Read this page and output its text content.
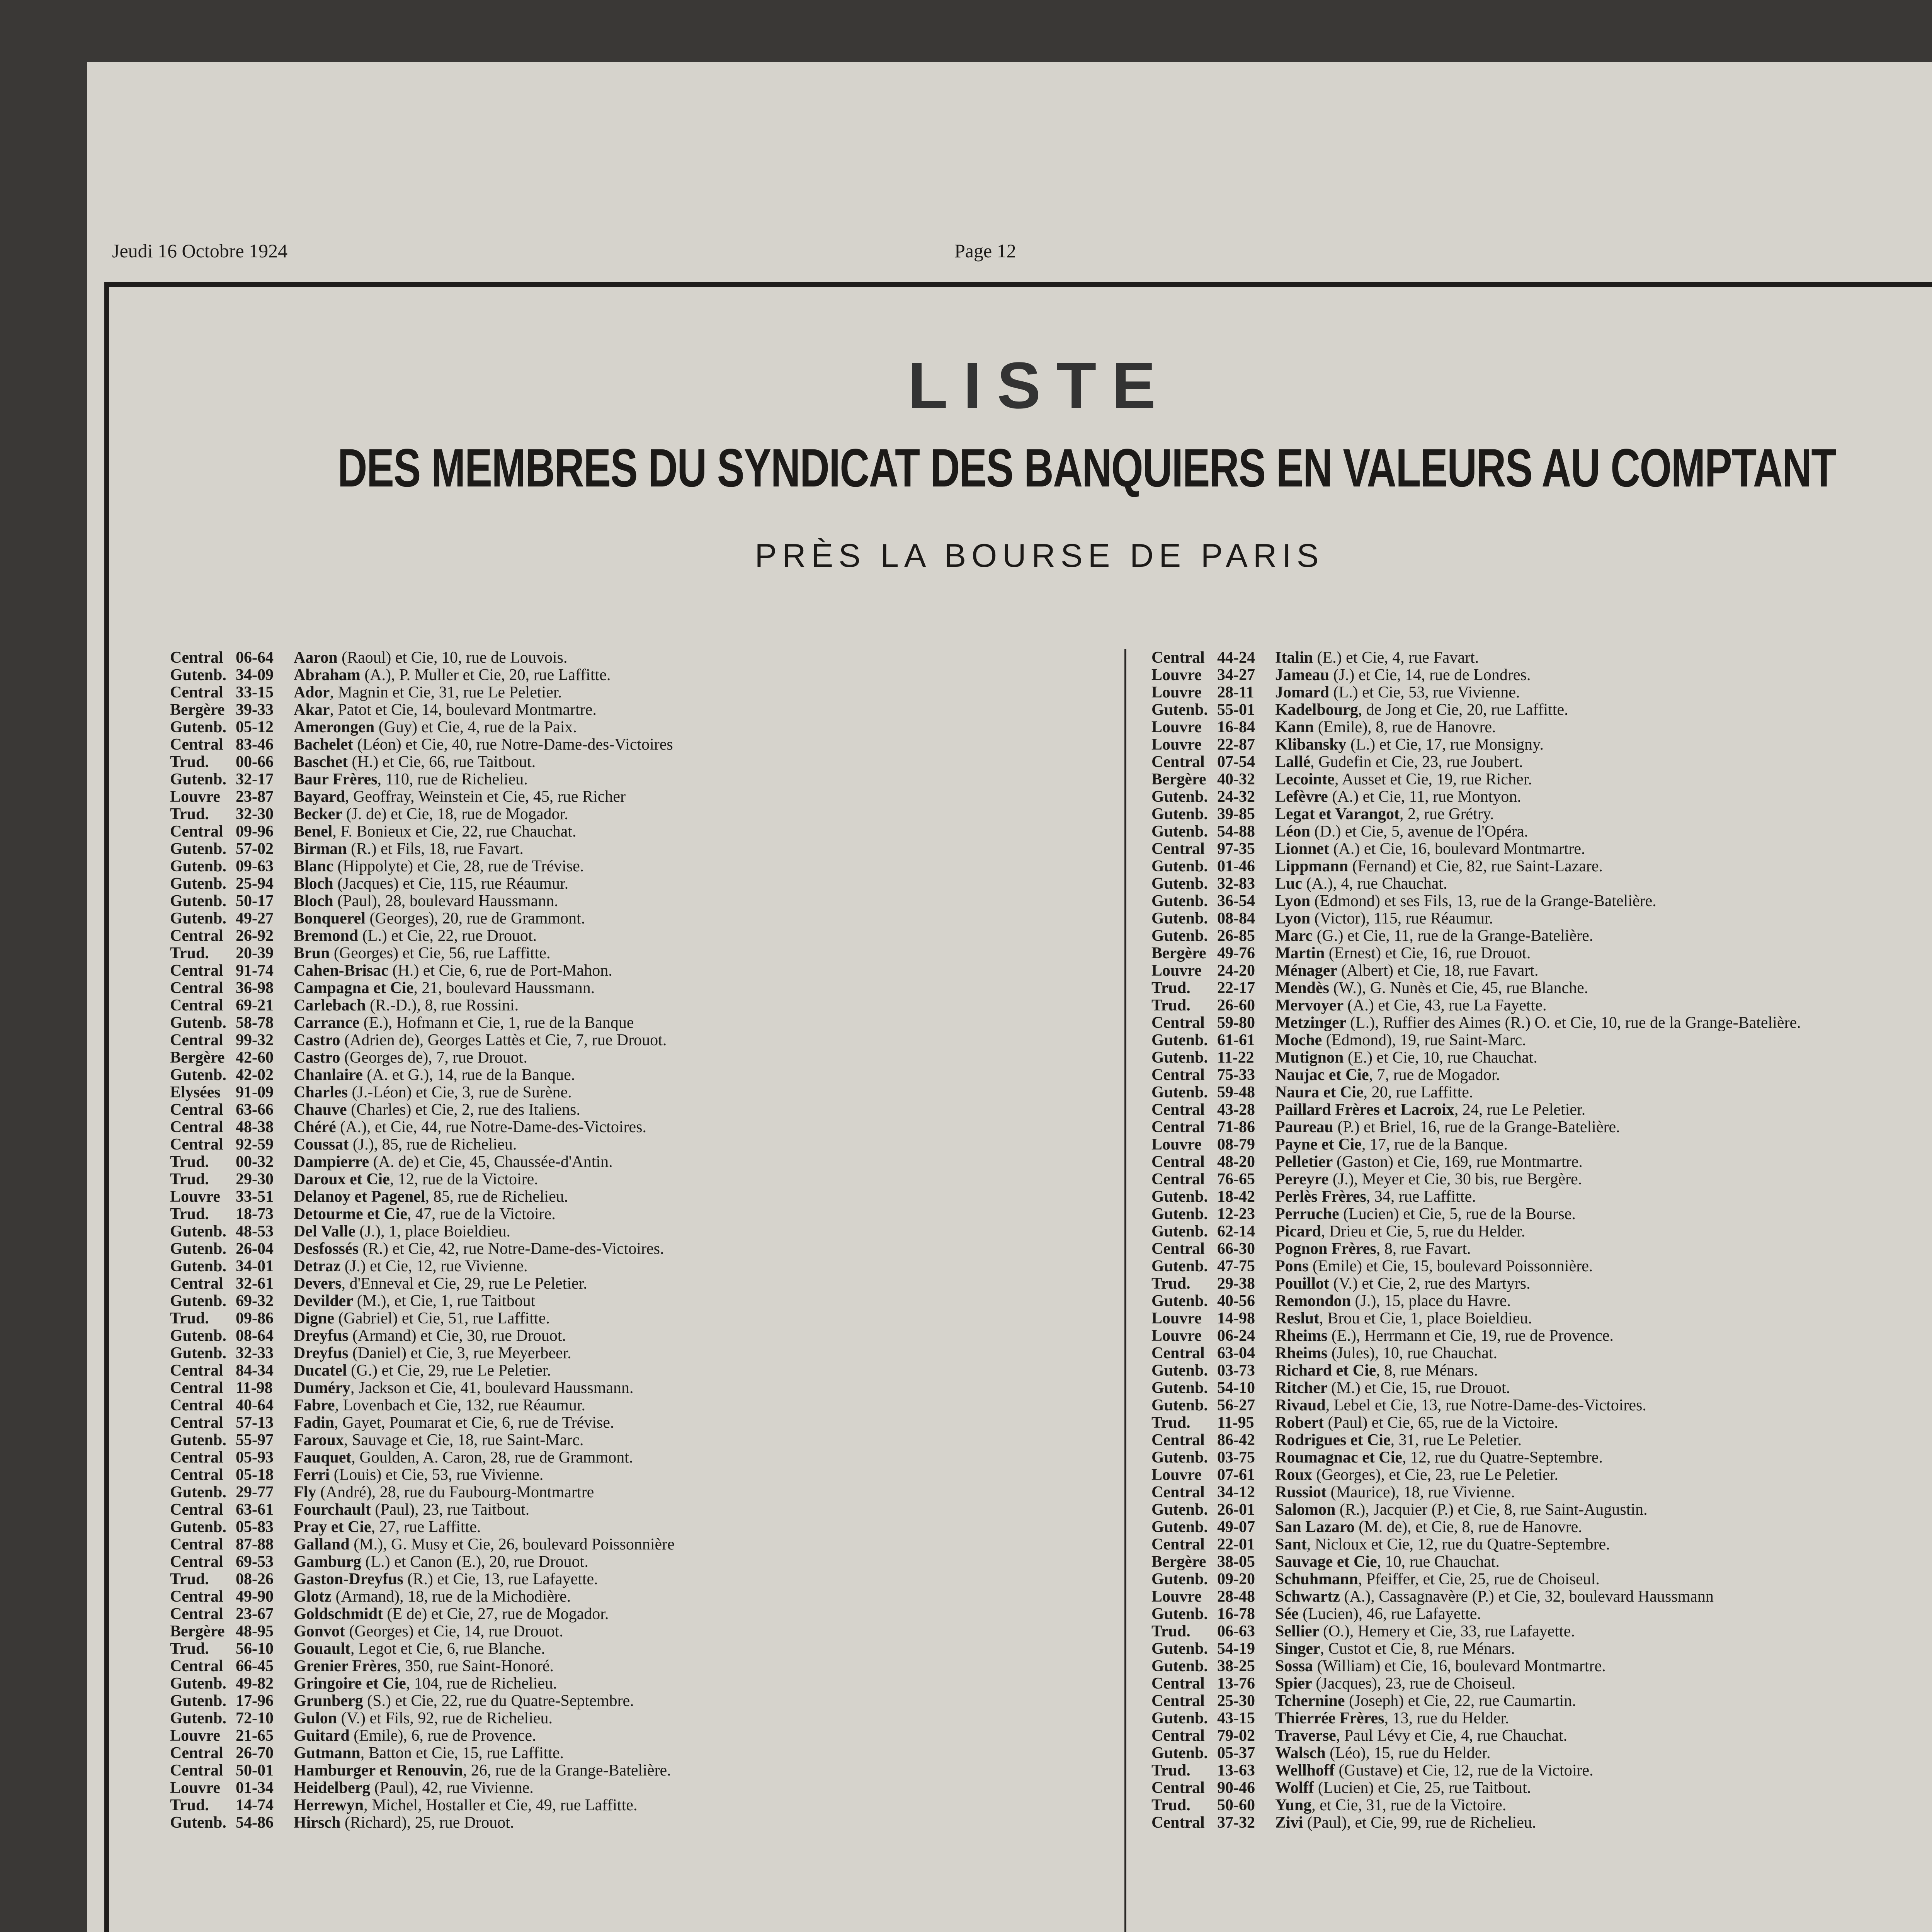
Jeudi 16 Octobre 1924	Page 12
LISTE
DES MEMBRES DU SYNDICAT DES BANQUIERS EN VALEURS AU COMPTANT
PRÈS LA BOURSE DE PARIS
Central 06-64	Aaron (Raoul) et Cie, 10, rue de Louvois.
Gutenb. 34-09	Abraham (A.), P. Muller et Cie, 20, rue Laffitte.
Central 33-15	Ador, Magnin et Cie, 31, rue Le Peletier.
Bergère 39-33	Akar, Patot et Cie, 14, boulevard Montmartre.
Gutenb. 05-12	Amerongen (Guy) et Cie, 4, rue de la Paix.
Central 83-46	Bachelet (Léon) et Cie, 40, rue Notre-Dame-des-Victoires
Trud.	00-66	Baschet (H.) et Cie, 66, rue Taitbout.
Gutenb. 32-17	Baur Frères, 110, rue de Richelieu.
Louvre 23-87	Bayard, Geoffray, Weinstein et Cie, 45, rue Richer
Trud.	32-30	Becker (J. de) et Cie, 18, rue de Mogador.
Central 09-96	Benel, F. Bonieux et Cie, 22, rue Chauchat.
Gutenb. 57-02	Birman (R.) et Fils, 18, rue Favart.
Gutenb. 09-63	Blanc (Hippolyte) et Cie, 28, rue de Trévise.
Gutenb. 25-94	Bloch (Jacques) et Cie, 115, rue Réaumur.
Gutenb. 50-17	Bloch (Paul), 28, boulevard Haussmann.
Gutenb. 49-27	Bonquerel (Georges), 20, rue de Grammont.
Central 26-92	Bremond (L.) et Cie, 22, rue Drouot.
Trud.	20-39	Brun (Georges) et Cie, 56, rue Laffitte.
Central 91-74	Cahen-Brisac (H.) et Cie, 6, rue de Port-Mahon.
Central 36-98	Campagna et Cie, 21, boulevard Haussmann.
Central 69-21	Carlebach (R.-D.), 8, rue Rossini.
Gutenb. 58-78	Carrance (E.), Hofmann et Cie, 1, rue de la Banque
Central 99-32	Castro (Adrien de), Georges Lattès et Cie, 7, rue Drouot.
Bergère 42-60	Castro (Georges de), 7, rue Drouot.
Gutenb. 42-02	Chanlaire (A. et G.), 14, rue de la Banque.
Elysées 91-09	Charles (J.-Léon) et Cie, 3, rue de Surène.
Central 63-66	Chauve (Charles) et Cie, 2, rue des Italiens.
Central 48-38	Chéré (A.), et Cie, 44, rue Notre-Dame-des-Victoires.
Central 92-59	Coussat (J.), 85, rue de Richelieu.
Trud.	00-32	Dampierre (A. de) et Cie, 45, Chaussée-d'Antin.
Trud.	29-30	Daroux et Cie, 12, rue de la Victoire.
Louvre 33-51	Delanoy et Pagenel, 85, rue de Richelieu.
Trud.	18-73	Detourme et Cie, 47, rue de la Victoire.
Gutenb. 48-53	Del Valle (J.), 1, place Boieldieu.
Gutenb. 26-04	Desfossés (R.) et Cie, 42, rue Notre-Dame-des-Victoires.
Gutenb. 34-01	Detraz (J.) et Cie, 12, rue Vivienne.
Central 32-61	Devers, d'Enneval et Cie, 29, rue Le Peletier.
Gutenb. 69-32	Devilder (M.), et Cie, 1, rue Taitbout
Trud.	09-86	Digne (Gabriel) et Cie, 51, rue Laffitte.
Gutenb. 08-64	Dreyfus (Armand) et Cie, 30, rue Drouot.
Gutenb. 32-33	Dreyfus (Daniel) et Cie, 3, rue Meyerbeer.
Central 84-34	Ducatel (G.) et Cie, 29, rue Le Peletier.
Central 11-98	Duméry, Jackson et Cie, 41, boulevard Haussmann.
Central 40-64	Fabre, Lovenbach et Cie, 132, rue Réaumur.
Central 57-13	Fadin, Gayet, Poumarat et Cie, 6, rue de Trévise.
Gutenb. 55-97	Faroux, Sauvage et Cie, 18, rue Saint-Marc.
Central 05-93	Fauquet, Goulden, A. Caron, 28, rue de Grammont.
Central 05-18	Ferri (Louis) et Cie, 53, rue Vivienne.
Gutenb. 29-77	Fly (André), 28, rue du Faubourg-Montmartre
Central 63-61	Fourchault (Paul), 23, rue Taitbout.
Gutenb. 05-83	Pray et Cie, 27, rue Laffitte.
Central 87-88	Galland (M.), G. Musy et Cie, 26, boulevard Poissonnière
Central 69-53	Gamburg (L.) et Canon (E.), 20, rue Drouot.
Trud.	08-26	Gaston-Dreyfus (R.) et Cie, 13, rue Lafayette.
Central 49-90	Glotz (Armand), 18, rue de la Michodière.
Central 23-67	Goldschmidt (E de) et Cie, 27, rue de Mogador.
Bergère 48-95	Gonvot (Georges) et Cie, 14, rue Drouot.
Trud.	56-10	Gouault, Legot et Cie, 6, rue Blanche.
Central 66-45	Grenier Frères, 350, rue Saint-Honoré.
Gutenb. 49-82	Gringoire et Cie, 104, rue de Richelieu.
Gutenb. 17-96	Grunberg (S.) et Cie, 22, rue du Quatre-Septembre.
Gutenb. 72-10	Gulon (V.) et Fils, 92, rue de Richelieu.
Louvre 21-65	Guitard (Emile), 6, rue de Provence.
Central 26-70	Gutmann, Batton et Cie, 15, rue Laffitte.
Central 50-01	Hamburger et Renouvin, 26, rue de la Grange-Batelière.
Louvre 01-34	Heidelberg (Paul), 42, rue Vivienne.
Trud.	14-74	Herrewyn, Michel, Hostaller et Cie, 49, rue Laffitte.
Gutenb. 54-86	Hirsch (Richard), 25, rue Drouot.
Central 44-24	Italin (E.) et Cie, 4, rue Favart.
Louvre 34-27	Jameau (J.) et Cie, 14, rue de Londres.
Louvre 28-11	Jomard (L.) et Cie, 53, rue Vivienne.
Gutenb. 55-01	Kadelbourg, de Jong et Cie, 20, rue Laffitte.
Louvre 16-84	Kann (Emile), 8, rue de Hanovre.
Louvre 22-87	Klibansky (L.) et Cie, 17, rue Monsigny.
Central 07-54	Lallé, Gudefin et Cie, 23, rue Joubert.
Bergère 40-32	Lecointe, Ausset et Cie, 19, rue Richer.
Gutenb. 24-32	Lefèvre (A.) et Cie, 11, rue Montyon.
Gutenb. 39-85	Legat et Varangot, 2, rue Grétry.
Gutenb. 54-88	Léon (D.) et Cie, 5, avenue de l'Opéra.
Central 97-35	Lionnet (A.) et Cie, 16, boulevard Montmartre.
Gutenb. 01-46	Lippmann (Fernand) et Cie, 82, rue Saint-Lazare.
Gutenb. 32-83	Luc (A.), 4, rue Chauchat.
Gutenb. 36-54	Lyon (Edmond) et ses Fils, 13, rue de la Grange-Batelière.
Gutenb. 08-84	Lyon (Victor), 115, rue Réaumur.
Gutenb. 26-85	Marc (G.) et Cie, 11, rue de la Grange-Batelière.
Bergère 49-76	Martin (Ernest) et Cie, 16, rue Drouot.
Louvre 24-20	Ménager (Albert) et Cie, 18, rue Favart.
Trud.	22-17	Mendès (W.), G. Nunès et Cie, 45, rue Blanche.
Trud.	26-60	Mervoyer (A.) et Cie, 43, rue La Fayette.
Central 59-80	Metzinger (L.), Ruffier des Aimes (R.) O. et Cie, 10, rue de la Grange-Batelière.
Gutenb. 61-61	Moche (Edmond), 19, rue Saint-Marc.
Gutenb. 11-22	Mutignon (E.) et Cie, 10, rue Chauchat.
Central 75-33	Naujac et Cie, 7, rue de Mogador.
Gutenb. 59-48	Naura et Cie, 20, rue Laffitte.
Central 43-28	Paillard Frères et Lacroix, 24, rue Le Peletier.
Central 71-86	Paureau (P.) et Briel, 16, rue de la Grange-Batelière.
Louvre 08-79	Payne et Cie, 17, rue de la Banque.
Central 48-20	Pelletier (Gaston) et Cie, 169, rue Montmartre.
Central 76-65	Pereyre (J.), Meyer et Cie, 30 bis, rue Bergère.
Gutenb. 18-42	Perlès Frères, 34, rue Laffitte.
Gutenb. 12-23	Perruche (Lucien) et Cie, 5, rue de la Bourse.
Gutenb. 62-14	Picard, Drieu et Cie, 5, rue du Helder.
Central 66-30	Pognon Frères, 8, rue Favart.
Gutenb. 47-75	Pons (Emile) et Cie, 15, boulevard Poissonnière.
Trud.	29-38	Pouillot (V.) et Cie, 2, rue des Martyrs.
Gutenb. 40-56	Remondon (J.), 15, place du Havre.
Louvre 14-98	Reslut, Brou et Cie, 1, place Boieldieu.
Louvre 06-24	Rheims (E.), Herrmann et Cie, 19, rue de Provence.
Central 63-04	Rheims (Jules), 10, rue Chauchat.
Gutenb. 03-73	Richard et Cie, 8, rue Ménars.
Gutenb. 54-10	Ritcher (M.) et Cie, 15, rue Drouot.
Gutenb. 56-27	Rivaud, Lebel et Cie, 13, rue Notre-Dame-des-Victoires.
Trud.	11-95	Robert (Paul) et Cie, 65, rue de la Victoire.
Central 86-42	Rodrigues et Cie, 31, rue Le Peletier.
Gutenb. 03-75	Roumagnac et Cie, 12, rue du Quatre-Septembre.
Louvre 07-61	Roux (Georges), et Cie, 23, rue Le Peletier.
Central 34-12	Russiot (Maurice), 18, rue Vivienne.
Gutenb. 26-01	Salomon (R.), Jacquier (P.) et Cie, 8, rue Saint-Augustin.
Gutenb. 49-07	San Lazaro (M. de), et Cie, 8, rue de Hanovre.
Central 22-01	Sant, Nicloux et Cie, 12, rue du Quatre-Septembre.
Bergère 38-05	Sauvage et Cie, 10, rue Chauchat.
Gutenb. 09-20	Schuhmann, Pfeiffer, et Cie, 25, rue de Choiseul.
Louvre 28-48	Schwartz (A.), Cassagnavère (P.) et Cie, 32, boulevard Haussmann
Gutenb. 16-78	Sée (Lucien), 46, rue Lafayette.
Trud.	06-63	Sellier (O.), Hemery et Cie, 33, rue Lafayette.
Gutenb. 54-19	Singer, Custot et Cie, 8, rue Ménars.
Gutenb. 38-25	Sossa (William) et Cie, 16, boulevard Montmartre.
Central 13-76	Spier (Jacques), 23, rue de Choiseul.
Central 25-30	Tchernine (Joseph) et Cie, 22, rue Caumartin.
Gutenb. 43-15	Thierrée Frères, 13, rue du Helder.
Central 79-02	Traverse, Paul Lévy et Cie, 4, rue Chauchat.
Gutenb. 05-37	Walsch (Léo), 15, rue du Helder.
Trud.	13-63	Wellhoff (Gustave) et Cie, 12, rue de la Victoire.
Central 90-46	Wolff (Lucien) et Cie, 25, rue Taitbout.
Trud.	50-60	Yung, et Cie, 31, rue de la Victoire.
Central 37-32	Zivi (Paul), et Cie, 99, rue de Richelieu.
